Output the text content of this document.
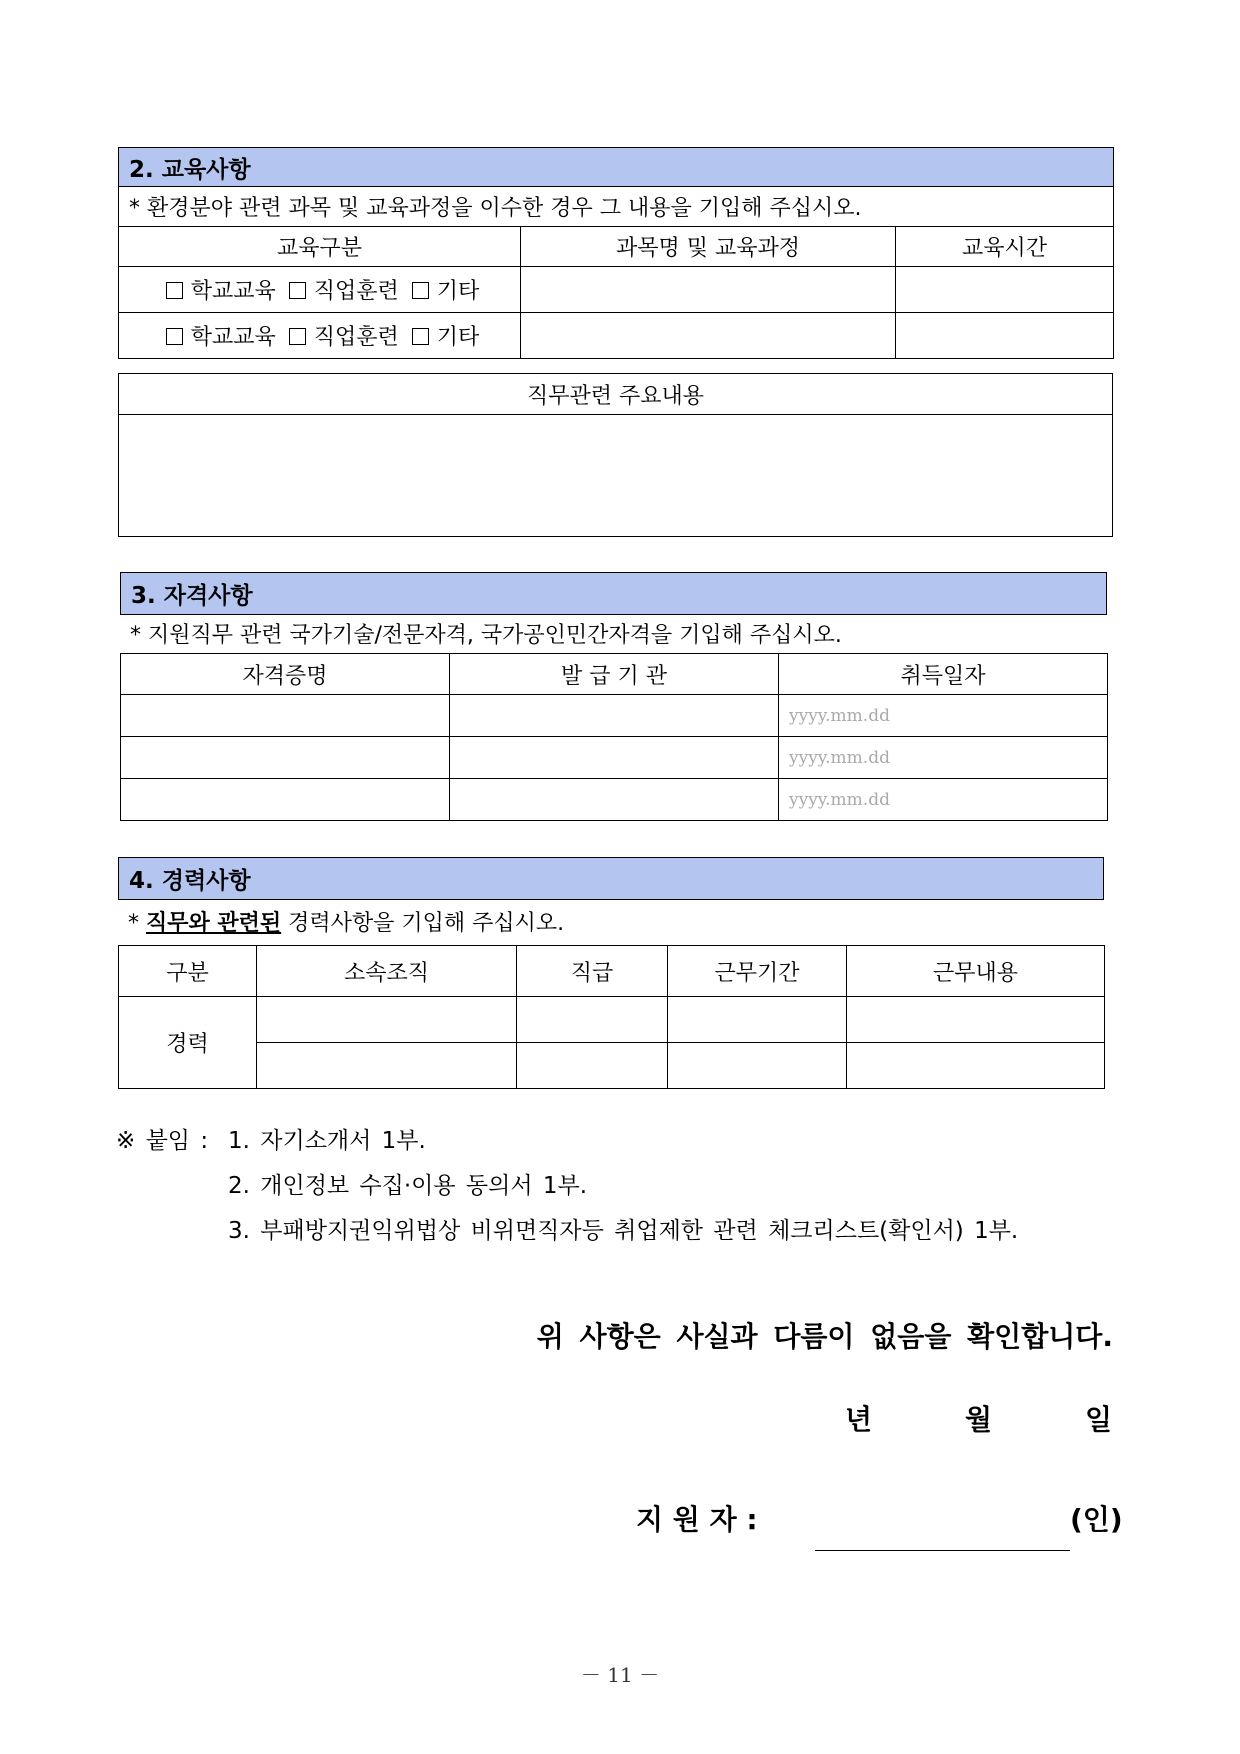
2. 교육사항		
* 환경분야 관련 과목 및 교육과정을 이수한 경우 그 내용을 기입해 주십시오.		
교육구분	과목명 및 교육과정	교육시간
학교교육 직업훈련 기타		
학교교육 직업훈련 기타		
직무관련 주요내용

3. 자격사항
* 지원직무 관련 국가기술/전문자격, 국가공인민간자격을 기입해 주십시오.
자격증명	발 급 기 관	취득일자
		yyyy.mm.dd
		yyyy.mm.dd
		yyyy.mm.dd
4. 경력사항
* 직무와 관련된 경력사항을 기입해 주십시오.
구분	소속조직	직급	근무기간	근무내용
경력				

※ 붙임 : 1. 자기소개서 1부.
2. 개인정보 수집·이용 동의서 1부.
3. 부패방지권익위법상 비위면직자등 취업제한 관련 체크리스트(확인서) 1부.
위 사항은 사실과 다름이 없음을 확인합니다.
년	월	일
지 원 자 :	(인)
－ 11 －
